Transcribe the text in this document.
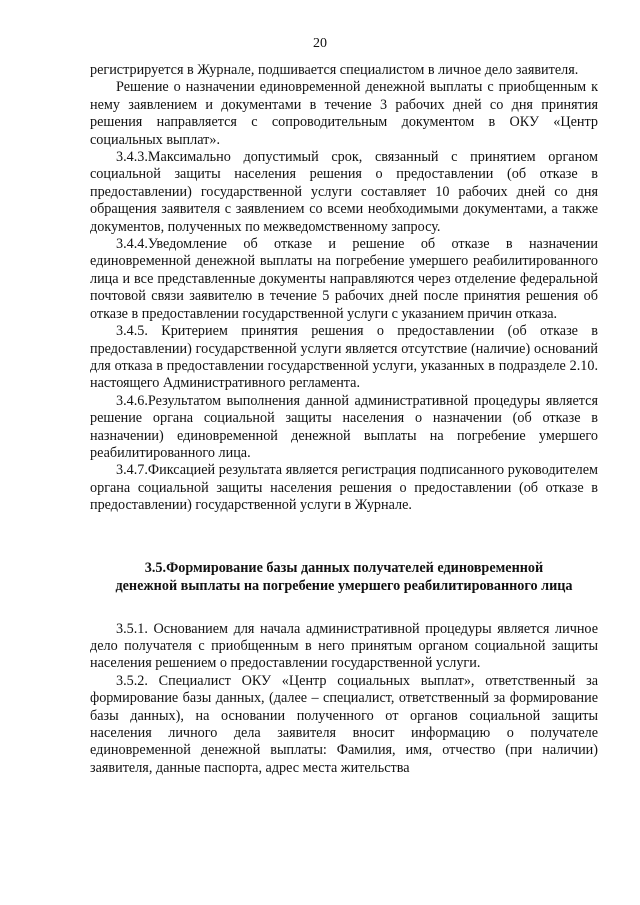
20

регистрируется в Журнале, подшивается специалистом в личное дело заявителя.

Решение о назначении единовременной денежной выплаты с приобщенным к нему заявлением и документами в течение 3 рабочих дней со дня принятия решения направляется с сопроводительным документом в ОКУ «Центр социальных выплат».

3.4.3.Максимально допустимый срок, связанный с принятием органом социальной защиты населения решения о предоставлении (об отказе в предоставлении) государственной услуги составляет 10 рабочих дней со дня обращения заявителя с заявлением со всеми необходимыми документами, а также документов, полученных по межведомственному запросу.

3.4.4.Уведомление об отказе и решение об отказе в назначении единовременной денежной выплаты на погребение умершего реабилитированного лица и все представленные документы направляются через отделение федеральной почтовой связи заявителю в течение 5 рабочих дней после принятия решения об отказе в предоставлении государственной услуги с указанием причин отказа.

3.4.5. Критерием принятия решения о предоставлении (об отказе в предоставлении) государственной услуги является отсутствие (наличие) оснований для отказа в предоставлении государственной услуги, указанных в подразделе 2.10. настоящего Административного регламента.

3.4.6.Результатом выполнения данной административной процедуры является решение органа социальной защиты населения о назначении (об отказе в назначении) единовременной денежной выплаты на погребение умершего реабилитированного лица.

3.4.7.Фиксацией результата является регистрация подписанного руководителем органа социальной защиты населения решения о предоставлении (об отказе в предоставлении) государственной услуги в Журнале.

3.5.Формирование базы данных получателей единовременной

денежной выплаты на погребение умершего реабилитированного лица

3.5.1. Основанием для начала административной процедуры является личное дело получателя с приобщенным в него принятым органом социальной защиты населения решением о предоставлении государственной услуги.

3.5.2. Специалист ОКУ «Центр социальных выплат», ответственный за формирование базы данных, (далее – специалист, ответственный за формирование базы данных), на основании полученного от органов социальной защиты населения личного дела заявителя вносит информацию о получателе единовременной денежной выплаты: Фамилия, имя, отчество (при наличии) заявителя, данные паспорта, адрес места жительства
